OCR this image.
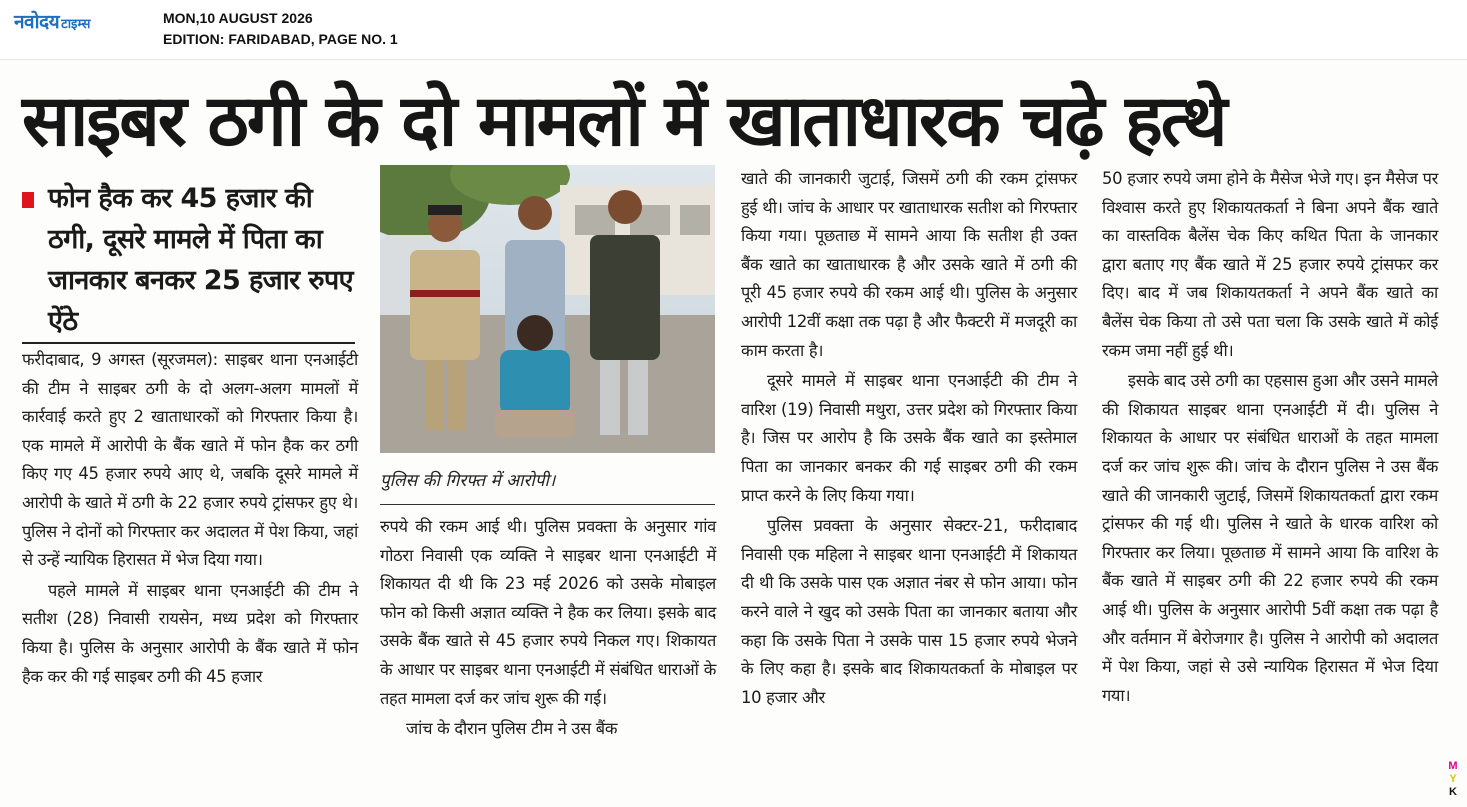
नवोदय टाइम्स	MON,10 AUGUST 2026
EDITION: FARIDABAD, PAGE NO. 1
साइबर ठगी के दो मामलों में खाताधारक चढ़े हत्थे
फोन हैक कर 45 हजार की ठगी, दूसरे मामले में पिता का जानकार बनकर 25 हजार रुपए ऐंठे

फरीदाबाद, 9 अगस्त (सूरजमल): साइबर थाना एनआईटी की टीम ने साइबर ठगी के दो अलग-अलग मामलों में कार्रवाई करते हुए 2 खाताधारकों को गिरफ्तार किया है। एक मामले में आरोपी के बैंक खाते में फोन हैक कर ठगी किए गए 45 हजार रुपये आए थे, जबकि दूसरे मामले में आरोपी के खाते में ठगी के 22 हजार रुपये ट्रांसफर हुए थे। पुलिस ने दोनों को गिरफ्तार कर अदालत में पेश किया, जहां से उन्हें न्यायिक हिरासत में भेज दिया गया।

पहले मामले में साइबर थाना एनआईटी की टीम ने सतीश (28) निवासी रायसेन, मध्य प्रदेश को गिरफ्तार किया है। पुलिस के अनुसार आरोपी के बैंक खाते में फोन हैक कर की गई साइबर ठगी की 45 हजार

पुलिस की गिरफ्त में आरोपी।

रुपये की रकम आई थी। पुलिस प्रवक्ता के अनुसार गांव गोठरा निवासी एक व्यक्ति ने साइबर थाना एनआईटी में शिकायत दी थी कि 23 मई 2026 को उसके मोबाइल फोन को किसी अज्ञात व्यक्ति ने हैक कर लिया। इसके बाद उसके बैंक खाते से 45 हजार रुपये निकल गए। शिकायत के आधार पर साइबर थाना एनआईटी में संबंधित धाराओं के तहत मामला दर्ज कर जांच शुरू की गई।

जांच के दौरान पुलिस टीम ने उस बैंक

खाते की जानकारी जुटाई, जिसमें ठगी की रकम ट्रांसफर हुई थी। जांच के आधार पर खाताधारक सतीश को गिरफ्तार किया गया। पूछताछ में सामने आया कि सतीश ही उक्त बैंक खाते का खाताधारक है और उसके खाते में ठगी की पूरी 45 हजार रुपये की रकम आई थी। पुलिस के अनुसार आरोपी 12वीं कक्षा तक पढ़ा है और फैक्टरी में मजदूरी का काम करता है।

दूसरे मामले में साइबर थाना एनआईटी की टीम ने वारिश (19) निवासी मथुरा, उत्तर प्रदेश को गिरफ्तार किया है। जिस पर आरोप है कि उसके बैंक खाते का इस्तेमाल पिता का जानकार बनकर की गई साइबर ठगी की रकम प्राप्त करने के लिए किया गया।

पुलिस प्रवक्ता के अनुसार सेक्टर-21, फरीदाबाद निवासी एक महिला ने साइबर थाना एनआईटी में शिकायत दी थी कि उसके पास एक अज्ञात नंबर से फोन आया। फोन करने वाले ने खुद को उसके पिता का जानकार बताया और कहा कि उसके पिता ने उसके पास 15 हजार रुपये भेजने के लिए कहा है। इसके बाद शिकायतकर्ता के मोबाइल पर 10 हजार और

50 हजार रुपये जमा होने के मैसेज भेजे गए। इन मैसेज पर विश्वास करते हुए शिकायतकर्ता ने बिना अपने बैंक खाते का वास्तविक बैलेंस चेक किए कथित पिता के जानकार द्वारा बताए गए बैंक खाते में 25 हजार रुपये ट्रांसफर कर दिए। बाद में जब शिकायतकर्ता ने अपने बैंक खाते का बैलेंस चेक किया तो उसे पता चला कि उसके खाते में कोई रकम जमा नहीं हुई थी।

इसके बाद उसे ठगी का एहसास हुआ और उसने मामले की शिकायत साइबर थाना एनआईटी में दी। पुलिस ने शिकायत के आधार पर संबंधित धाराओं के तहत मामला दर्ज कर जांच शुरू की। जांच के दौरान पुलिस ने उस बैंक खाते की जानकारी जुटाई, जिसमें शिकायतकर्ता द्वारा रकम ट्रांसफर की गई थी। पुलिस ने खाते के धारक वारिश को गिरफ्तार कर लिया। पूछताछ में सामने आया कि वारिश के बैंक खाते में साइबर ठगी की 22 हजार रुपये की रकम आई थी। पुलिस के अनुसार आरोपी 5वीं कक्षा तक पढ़ा है और वर्तमान में बेरोजगार है। पुलिस ने आरोपी को अदालत में पेश किया, जहां से उसे न्यायिक हिरासत में भेज दिया गया।

M
Y
K
